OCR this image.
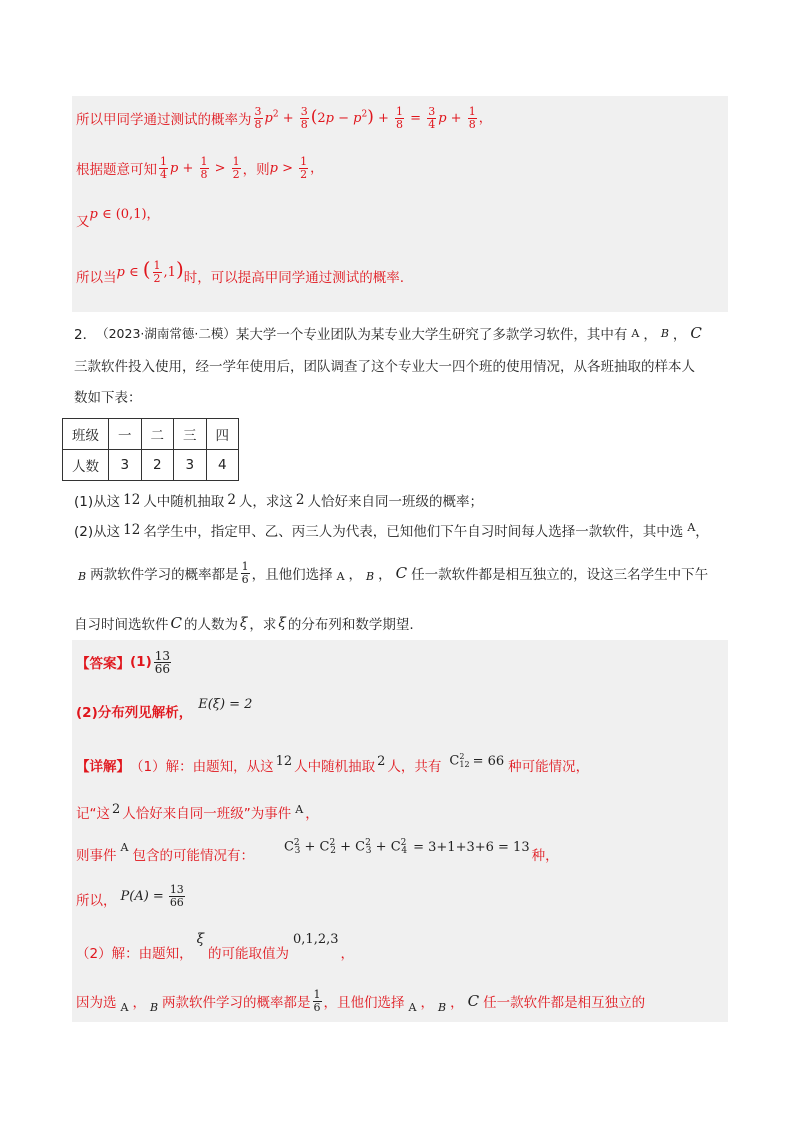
所以甲同学通过测试的概率为 $\frac{3}{8} p^2 + \frac{3}{8} (2p - p^2) + \frac{1}{8} = \frac{3}{4}$ $p + \frac{1}{8}$ ，
根据题意可知 $\frac{1}{4}$ $p + \frac{1}{8} > \frac{1}{2}$ ，则 $p > \frac{1}{2}$ ，
又 p ∈ (0,1)，
所以当 p ∈ ( $\frac{1}{2} ,1$) 时，可以提高甲同学通过测试的概率.
2． （2023·湖南常德·二模） 某大学一个专业团队为某专业大学生研究了多款学习软件，其中有 A ， B ， C
三款软件投入使用，经一学年使用后，团队调查了这个专业大一四个班的使用情况，从各班抽取的样本人
数如下表：
班级	一	二	三	四
人数	3	2	3	4
(1)从这 12 人中随机抽取 2 人，求这 2 人恰好来自同一班级的概率；
(2)从这 12 名学生中，指定甲、乙、丙三人为代表，已知他们下午自习时间每人选择一款软件，其中选 A ，
B 两款软件学习的概率都是 $\frac{1}{6}$ ，且他们选择 A ， B ， C 任一款软件都是相互独立的，设这三名学生中下午
自习时间选软件 C 的人数为 ξ ，求 ξ 的分布列和数学期望.
【答案】 $(1) \frac{13}{66}$
(2)分布列见解析，
E(ξ) = 2
【详解】 （1）解：由题知，从这 12 人中随机抽取 2 人，共有 C 2
12 = 66 种可能情况，
记“这 2 人恰好来自同一班级”为事件 A ，
则事件
A
包含的可能情况有：
$C^2_3 + C^2_2 + C^2_3 + C^2_4 = 3+1+3+6 = 13$
种，
所以， $P(A) = \frac{13}{66}$
（2）解：由题知，
ξ
的可能取值为
0,1,2,3
，
因为选 A ， B 两款软件学习的概率都是 $\frac{1}{6}$ ，且他们选择 A ， B ， C 任一款软件都是相互独立的
